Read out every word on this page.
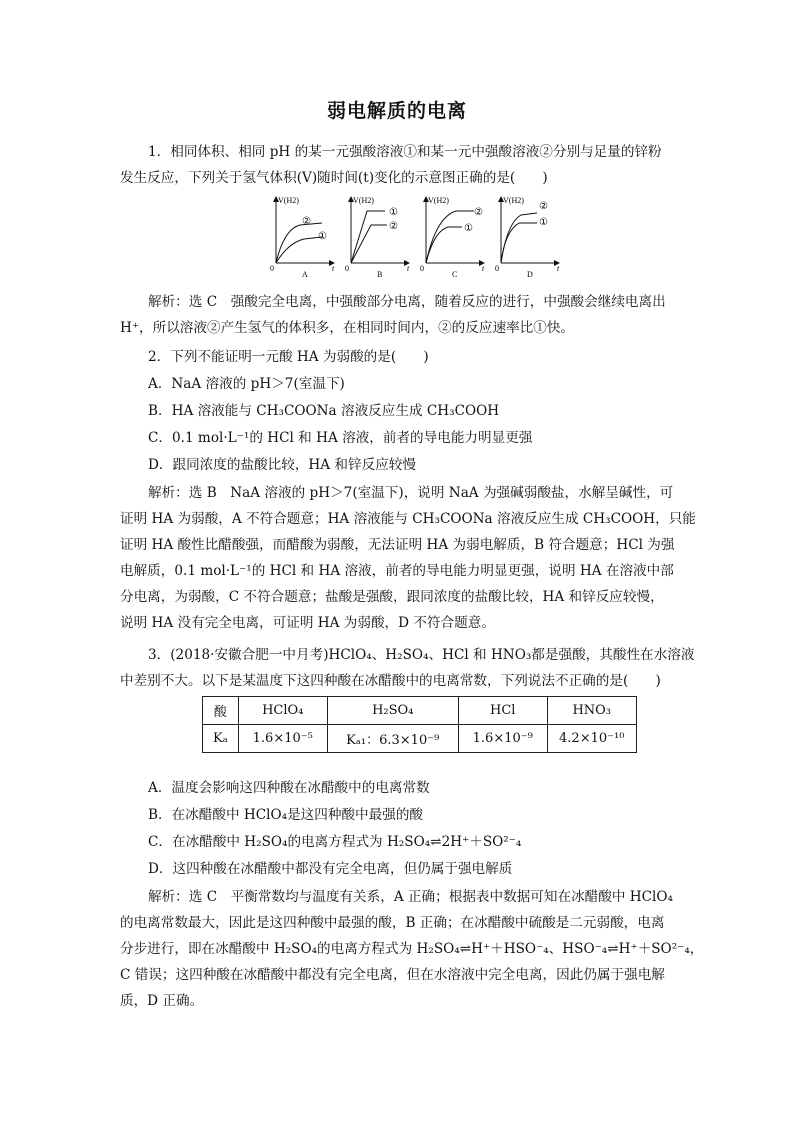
弱电解质的电离
1．相同体积、相同 pH 的某一元强酸溶液①和某一元中强酸溶液②分别与足量的锌粉
发生反应，下列关于氢气体积(V)随时间(t)变化的示意图正确的是(　　)
V(H2)
0	t
②
①
A
V(H2)
0	t
①
②
B
V(H2)
0	t
②
①
C
V(H2)
0	t
②
①
D
解析：选 C　强酸完全电离，中强酸部分电离，随着反应的进行，中强酸会继续电离出
H⁺，所以溶液②产生氢气的体积多，在相同时间内，②的反应速率比①快。
2．下列不能证明一元酸 HA 为弱酸的是(　　)
A．NaA 溶液的 pH＞7(室温下)
B．HA 溶液能与 CH₃COONa 溶液反应生成 CH₃COOH
C．0.1 mol·L⁻¹的 HCl 和 HA 溶液，前者的导电能力明显更强
D．跟同浓度的盐酸比较，HA 和锌反应较慢
解析：选 B　NaA 溶液的 pH＞7(室温下)，说明 NaA 为强碱弱酸盐，水解呈碱性，可
证明 HA 为弱酸，A 不符合题意；HA 溶液能与 CH₃COONa 溶液反应生成 CH₃COOH，只能
证明 HA 酸性比醋酸强，而醋酸为弱酸，无法证明 HA 为弱电解质，B 符合题意；HCl 为强
电解质，0.1 mol·L⁻¹的 HCl 和 HA 溶液，前者的导电能力明显更强，说明 HA 在溶液中部
分电离，为弱酸，C 不符合题意；盐酸是强酸，跟同浓度的盐酸比较，HA 和锌反应较慢，
说明 HA 没有完全电离，可证明 HA 为弱酸，D 不符合题意。
3．(2018·安徽合肥一中月考)HClO₄、H₂SO₄、HCl 和 HNO₃都是强酸，其酸性在水溶液
中差别不大。以下是某温度下这四种酸在冰醋酸中的电离常数，下列说法不正确的是(　　)
酸	HClO₄	H₂SO₄	HCl	HNO₃
Kₐ	1.6×10⁻⁵	Kₐ₁：6.3×10⁻⁹	1.6×10⁻⁹	4.2×10⁻¹⁰
A．温度会影响这四种酸在冰醋酸中的电离常数
B．在冰醋酸中 HClO₄是这四种酸中最强的酸
C．在冰醋酸中 H₂SO₄的电离方程式为 H₂SO₄⇌2H⁺＋SO²⁻₄
D．这四种酸在冰醋酸中都没有完全电离，但仍属于强电解质
解析：选 C　平衡常数均与温度有关系，A 正确；根据表中数据可知在冰醋酸中 HClO₄
的电离常数最大，因此是这四种酸中最强的酸，B 正确；在冰醋酸中硫酸是二元弱酸，电离
分步进行，即在冰醋酸中 H₂SO₄的电离方程式为 H₂SO₄⇌H⁺＋HSO⁻₄、HSO⁻₄⇌H⁺＋SO²⁻₄，
C 错误；这四种酸在冰醋酸中都没有完全电离，但在水溶液中完全电离，因此仍属于强电解
质，D 正确。
